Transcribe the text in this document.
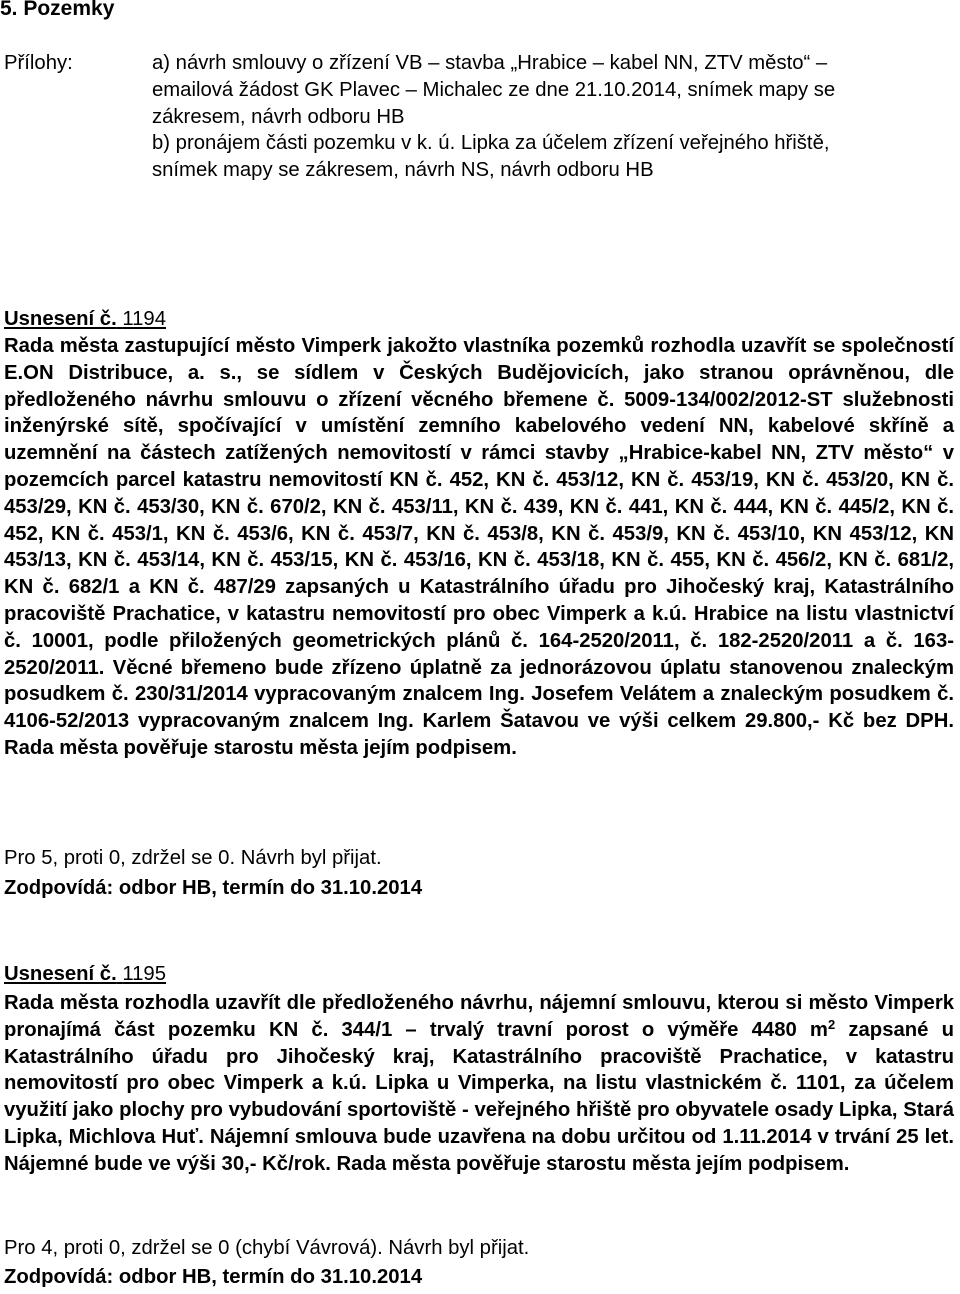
5. Pozemky
Přílohy:	a) návrh smlouvy o zřízení VB – stavba „Hrabice – kabel NN, ZTV město“ –
emailová žádost GK Plavec – Michalec ze dne 21.10.2014, snímek mapy se
zákresem, návrh odboru HB
b) pronájem části pozemku v k. ú. Lipka za účelem zřízení veřejného hřiště,
snímek mapy se zákresem, návrh NS, návrh odboru HB
Usnesení č. 1194
Rada města zastupující město Vimperk jakožto vlastníka pozemků rozhodla uzavřít se společností E.ON Distribuce, a. s., se sídlem v Českých Budějovicích, jako stranou oprávněnou, dle předloženého návrhu smlouvu o zřízení věcného břemene č. 5009-134/002/2012-ST služebnosti inženýrské sítě, spočívající v umístění zemního kabelového vedení NN, kabelové skříně a uzemnění na částech zatížených nemovitostí v rámci stavby „Hrabice-kabel NN, ZTV město“ v pozemcích parcel katastru nemovitostí KN č. 452, KN č. 453/12, KN č. 453/19, KN č. 453/20, KN č. 453/29, KN č. 453/30, KN č. 670/2, KN č. 453/11, KN č. 439, KN č. 441, KN č. 444, KN č. 445/2, KN č. 452, KN č. 453/1, KN č. 453/6, KN č. 453/7, KN č. 453/8, KN č. 453/9, KN č. 453/10, KN 453/12, KN 453/13, KN č. 453/14, KN č. 453/15, KN č. 453/16, KN č. 453/18, KN č. 455, KN č. 456/2, KN č. 681/2, KN č. 682/1 a KN č. 487/29 zapsaných u Katastrálního úřadu pro Jihočeský kraj, Katastrálního pracoviště Prachatice, v katastru nemovitostí pro obec Vimperk a k.ú. Hrabice na listu vlastnictví č. 10001, podle přiložených geometrických plánů č. 164-2520/2011, č. 182-2520/2011 a č. 163-2520/2011. Věcné břemeno bude zřízeno úplatně za jednorázovou úplatu stanovenou znaleckým posudkem č. 230/31/2014 vypracovaným znalcem Ing. Josefem Velátem a znaleckým posudkem č. 4106-52/2013 vypracovaným znalcem Ing. Karlem Šatavou ve výši celkem 29.800,- Kč bez DPH. Rada města pověřuje starostu města jejím podpisem.
Pro 5, proti 0, zdržel se 0. Návrh byl přijat.
Zodpovídá: odbor HB, termín do 31.10.2014
Usnesení č. 1195
Rada města rozhodla uzavřít dle předloženého návrhu, nájemní smlouvu, kterou si město Vimperk pronajímá část pozemku KN č. 344/1 – trvalý travní porost o výměře 4480 $m^2$ zapsané u Katastrálního úřadu pro Jihočeský kraj, Katastrálního pracoviště Prachatice, v katastru nemovitostí pro obec Vimperk a k.ú. Lipka u Vimperka, na listu vlastnickém č. 1101, za účelem využití jako plochy pro vybudování sportoviště - veřejného hřiště pro obyvatele osady Lipka, Stará Lipka, Michlova Huť. Nájemní smlouva bude uzavřena na dobu určitou od 1.11.2014 v trvání 25 let. Nájemné bude ve výši 30,- Kč/rok. Rada města pověřuje starostu města jejím podpisem.
Pro 4, proti 0, zdržel se 0 (chybí Vávrová). Návrh byl přijat.
Zodpovídá: odbor HB, termín do 31.10.2014
